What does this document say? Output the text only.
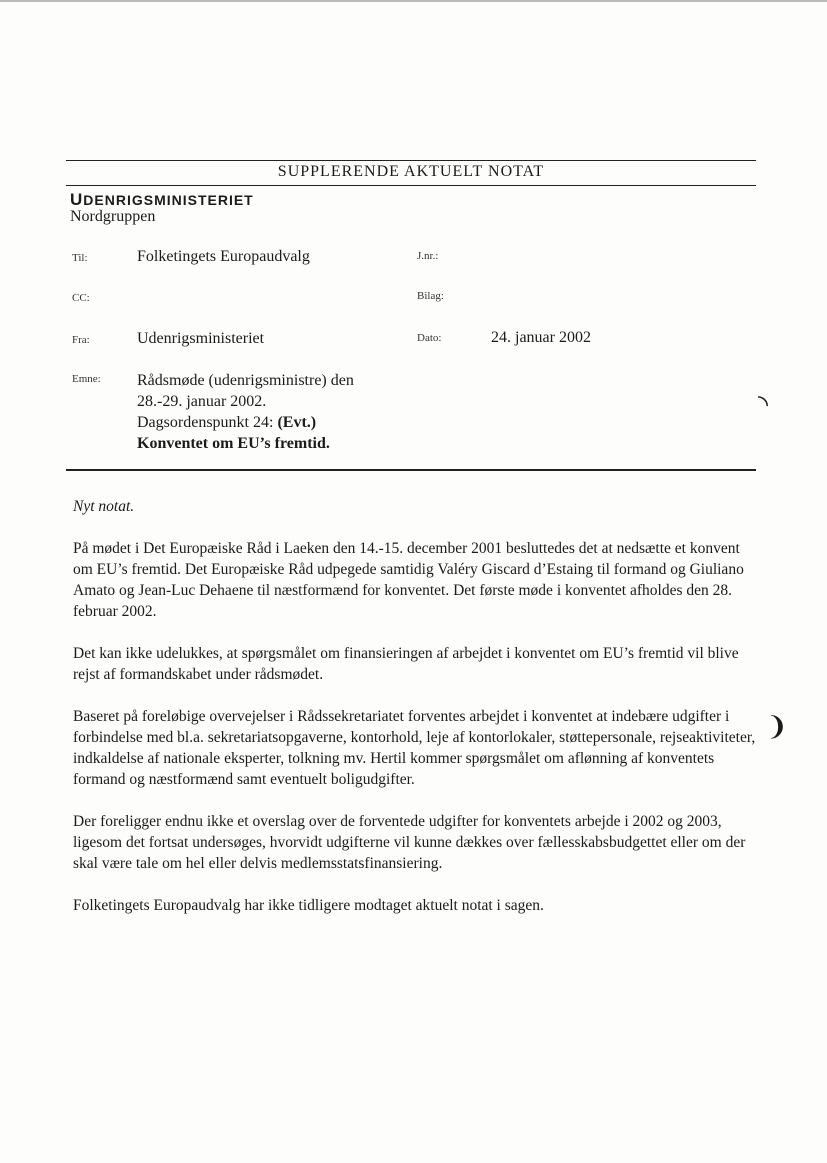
SUPPLERENDE AKTUELT NOTAT
UDENRIGSMINISTERIET
Nordgruppen
Til:	Folketingets Europaudvalg	J.nr.:
CC:	Bilag:
Fra:	Udenrigsministeriet	Dato:	24. januar 2002
Emne: Rådsmøde (udenrigsministre) den
28.-29. januar 2002.
Dagsordenspunkt 24: (Evt.)
Konventet om EU’s fremtid.

Nyt notat.

På mødet i Det Europæiske Råd i Laeken den 14.-15. december 2001 besluttedes det at nedsætte et konvent om EU’s fremtid. Det Europæiske Råd udpegede samtidig Valéry Giscard d’Estaing til formand og Giuliano Amato og Jean-Luc Dehaene til næstformænd for konventet. Det første møde i konventet afholdes den 28. februar 2002.

Det kan ikke udelukkes, at spørgsmålet om finansieringen af arbejdet i konventet om EU’s fremtid vil blive rejst af formandskabet under rådsmødet.

Baseret på foreløbige overvejelser i Rådssekretariatet forventes arbejdet i konventet at indebære udgifter i forbindelse med bl.a. sekretariatsopgaverne, kontorhold, leje af kontorlokaler, støttepersonale, rejseaktiviteter, indkaldelse af nationale eksperter, tolkning mv. Hertil kommer spørgsmålet om aflønning af konventets formand og næstformænd samt eventuelt boligudgifter.

Der foreligger endnu ikke et overslag over de forventede udgifter for konventets arbejde i 2002 og 2003, ligesom det fortsat undersøges, hvorvidt udgifterne vil kunne dækkes over fællesskabsbudgettet eller om der skal være tale om hel eller delvis medlemsstatsfinansiering.

Folketingets Europaudvalg har ikke tidligere modtaget aktuelt notat i sagen.

◝
❩
